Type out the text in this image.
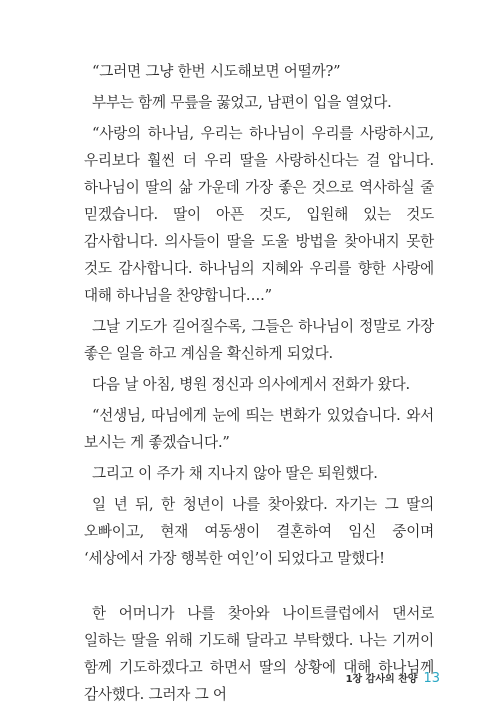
“그러면 그냥 한번 시도해보면 어떨까?”

부부는 함께 무릎을 꿇었고, 남편이 입을 열었다.

“사랑의 하나님, 우리는 하나님이 우리를 사랑하시고, 우리보다 훨씬 더 우리 딸을 사랑하신다는 걸 압니다. 하나님이 딸의 삶 가운데 가장 좋은 것으로 역사하실 줄 믿겠습니다. 딸이 아픈 것도, 입원해 있는 것도 감사합니다. 의사들이 딸을 도울 방법을 찾아내지 못한 것도 감사합니다. 하나님의 지혜와 우리를 향한 사랑에 대해 하나님을 찬양합니다….”

그날 기도가 길어질수록, 그들은 하나님이 정말로 가장 좋은 일을 하고 계심을 확신하게 되었다.

다음 날 아침, 병원 정신과 의사에게서 전화가 왔다.

“선생님, 따님에게 눈에 띄는 변화가 있었습니다. 와서 보시는 게 좋겠습니다.”

그리고 이 주가 채 지나지 않아 딸은 퇴원했다.

일 년 뒤, 한 청년이 나를 찾아왔다. 자기는 그 딸의 오빠이고, 현재 여동생이 결혼하여 임신 중이며 ‘세상에서 가장 행복한 여인’이 되었다고 말했다!

한 어머니가 나를 찾아와 나이트클럽에서 댄서로 일하는 딸을 위해 기도해 달라고 부탁했다. 나는 기꺼이 함께 기도하겠다고 하면서 딸의 상황에 대해 하나님께 감사했다. 그러자 그 어

1장 감사의 찬양 13
